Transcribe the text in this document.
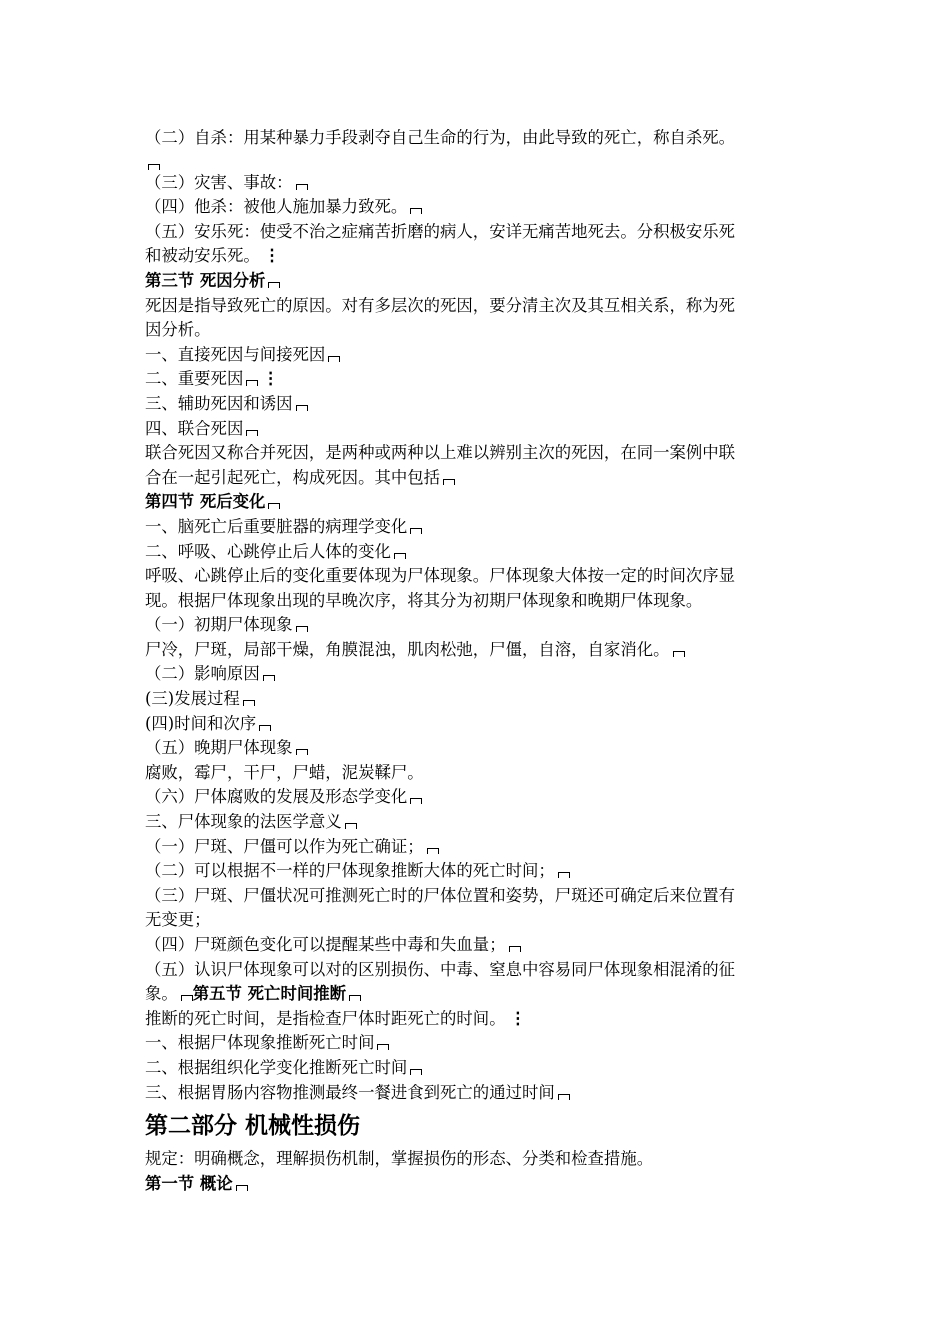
（二）自杀：用某种暴力手段剥夺自己生命的行为，由此导致的死亡，称自杀死。
（三）灾害、事故：
（四）他杀：被他人施加暴力致死。
（五）安乐死：使受不治之症痛苦折磨的病人，安详无痛苦地死去。分积极安乐死
和被动安乐死。 ⋮
第三节 死因分析
死因是指导致死亡的原因。对有多层次的死因，要分清主次及其互相关系，称为死
因分析。
一、直接死因与间接死因
二、重要死因 ⋮
三、辅助死因和诱因
四、联合死因
联合死因又称合并死因，是两种或两种以上难以辨别主次的死因，在同一案例中联
合在一起引起死亡，构成死因。其中包括
第四节 死后变化
一、脑死亡后重要脏器的病理学变化
二、呼吸、心跳停止后人体的变化
呼吸、心跳停止后的变化重要体现为尸体现象。尸体现象大体按一定的时间次序显
现。根据尸体现象出现的早晚次序，将其分为初期尸体现象和晚期尸体现象。
（一）初期尸体现象
尸冷，尸斑，局部干燥，角膜混浊，肌肉松弛，尸僵，自溶，自家消化。
（二）影响原因
(三)发展过程
(四)时间和次序
（五）晚期尸体现象
腐败，霉尸，干尸，尸蜡，泥炭鞣尸。
（六）尸体腐败的发展及形态学变化
三、尸体现象的法医学意义
（一）尸斑、尸僵可以作为死亡确证；
（二）可以根据不一样的尸体现象推断大体的死亡时间；
（三）尸斑、尸僵状况可推测死亡时的尸体位置和姿势，尸斑还可确定后来位置有
无变更；
（四）尸斑颜色变化可以提醒某些中毒和失血量；
（五）认识尸体现象可以对的区别损伤、中毒、窒息中容易同尸体现象相混淆的征
象。 第五节 死亡时间推断
推断的死亡时间，是指检查尸体时距死亡的时间。 ⋮
一、根据尸体现象推断死亡时间
二、根据组织化学变化推断死亡时间
三、根据胃肠内容物推测最终一餐进食到死亡的通过时间
第二部分 机械性损伤
规定：明确概念，理解损伤机制，掌握损伤的形态、分类和检查措施。
第一节 概论
